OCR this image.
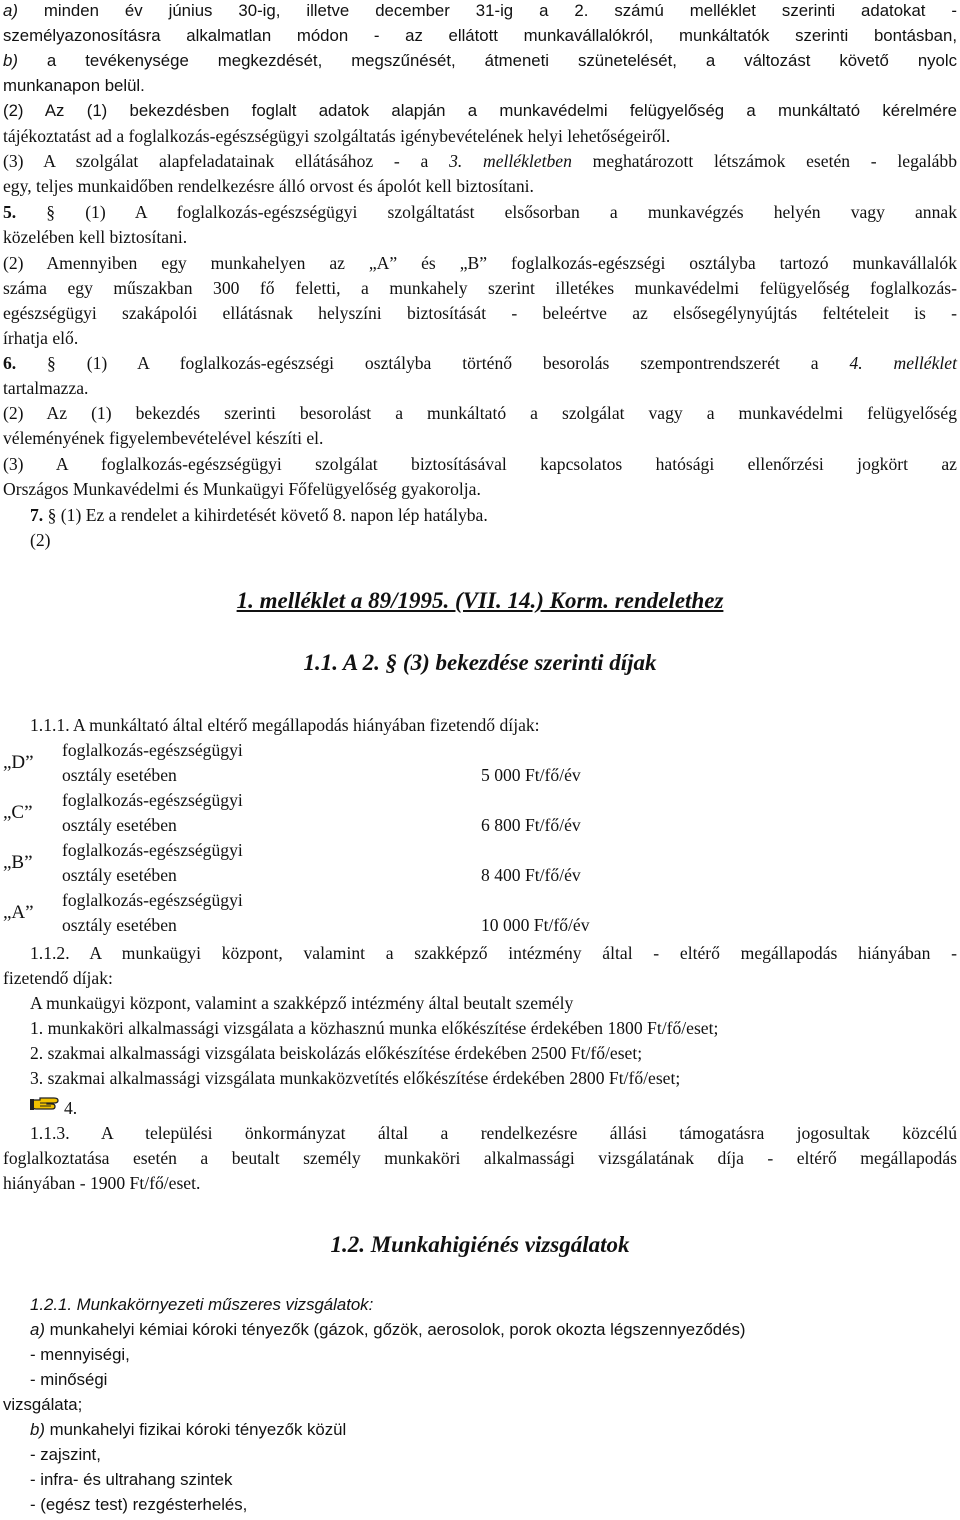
a) minden év június 30-ig, illetve december 31-ig a 2. számú melléklet szerinti adatokat -
személyazonosításra alkalmatlan módon - az ellátott munkavállalókról, munkáltatók szerinti bontásban,
b) a tevékenysége megkezdését, megszűnését, átmeneti szünetelését, a változást követő nyolc
munkanapon belül.
(2) Az (1) bekezdésben foglalt adatok alapján a munkavédelmi felügyelőség a munkáltató kérelmére
tájékoztatást ad a foglalkozás-egészségügyi szolgáltatás igénybevételének helyi lehetőségeiről.
(3) A szolgálat alapfeladatainak ellátásához - a 3. mellékletben meghatározott létszámok esetén - legalább
egy, teljes munkaidőben rendelkezésre álló orvost és ápolót kell biztosítani.
5. § (1) A foglalkozás-egészségügyi szolgáltatást elsősorban a munkavégzés helyén vagy annak
közelében kell biztosítani.
(2) Amennyiben egy munkahelyen az „A” és „B” foglalkozás-egészségi osztályba tartozó munkavállalók
száma egy műszakban 300 fő feletti, a munkahely szerint illetékes munkavédelmi felügyelőség foglalkozás-
egészségügyi szakápolói ellátásnak helyszíni biztosítását - beleértve az elsősegélynyújtás feltételeit is -
írhatja elő.
6. § (1) A foglalkozás-egészségi osztályba történő besorolás szempontrendszerét a 4. melléklet
tartalmazza.
(2) Az (1) bekezdés szerinti besorolást a munkáltató a szolgálat vagy a munkavédelmi felügyelőség
véleményének figyelembevételével készíti el.
(3) A foglalkozás-egészségügyi szolgálat biztosításával kapcsolatos hatósági ellenőrzési jogkört az
Országos Munkavédelmi és Munkaügyi Főfelügyelőség gyakorolja.
7. § (1) Ez a rendelet a kihirdetését követő 8. napon lép hatályba.
(2)
1. melléklet a 89/1995. (VII. 14.) Korm. rendelethez
1.1. A 2. § (3) bekezdése szerinti díjak
1.1.1. A munkáltató által eltérő megállapodás hiányában fizetendő díjak:
„D”
foglalkozás-egészségügyi
osztály esetében	5 000 Ft/fő/év
„C”
foglalkozás-egészségügyi
osztály esetében	6 800 Ft/fő/év
„B”
foglalkozás-egészségügyi
osztály esetében	8 400 Ft/fő/év
„A”
foglalkozás-egészségügyi
osztály esetében	10 000 Ft/fő/év
1.1.2. A munkaügyi központ, valamint a szakképző intézmény által - eltérő megállapodás hiányában -
fizetendő díjak:
A munkaügyi központ, valamint a szakképző intézmény által beutalt személy
1. munkaköri alkalmassági vizsgálata a közhasznú munka előkészítése érdekében 1800 Ft/fő/eset;
2. szakmai alkalmassági vizsgálata beiskolázás előkészítése érdekében 2500 Ft/fő/eset;
3. szakmai alkalmassági vizsgálata munkaközvetítés előkészítése érdekében 2800 Ft/fő/eset;
4.
1.1.3. A települési önkormányzat által a rendelkezésre állási támogatásra jogosultak közcélú
foglalkoztatása esetén a beutalt személy munkaköri alkalmassági vizsgálatának díja - eltérő megállapodás
hiányában - 1900 Ft/fő/eset.
1.2. Munkahigiénés vizsgálatok
1.2.1. Munkakörnyezeti műszeres vizsgálatok:
a) munkahelyi kémiai kóroki tényezők (gázok, gőzök, aerosolok, porok okozta légszennyeződés)
- mennyiségi,
- minőségi
vizsgálata;
b) munkahelyi fizikai kóroki tényezők közül
- zajszint,
- infra- és ultrahang szintek
- (egész test) rezgésterhelés,
